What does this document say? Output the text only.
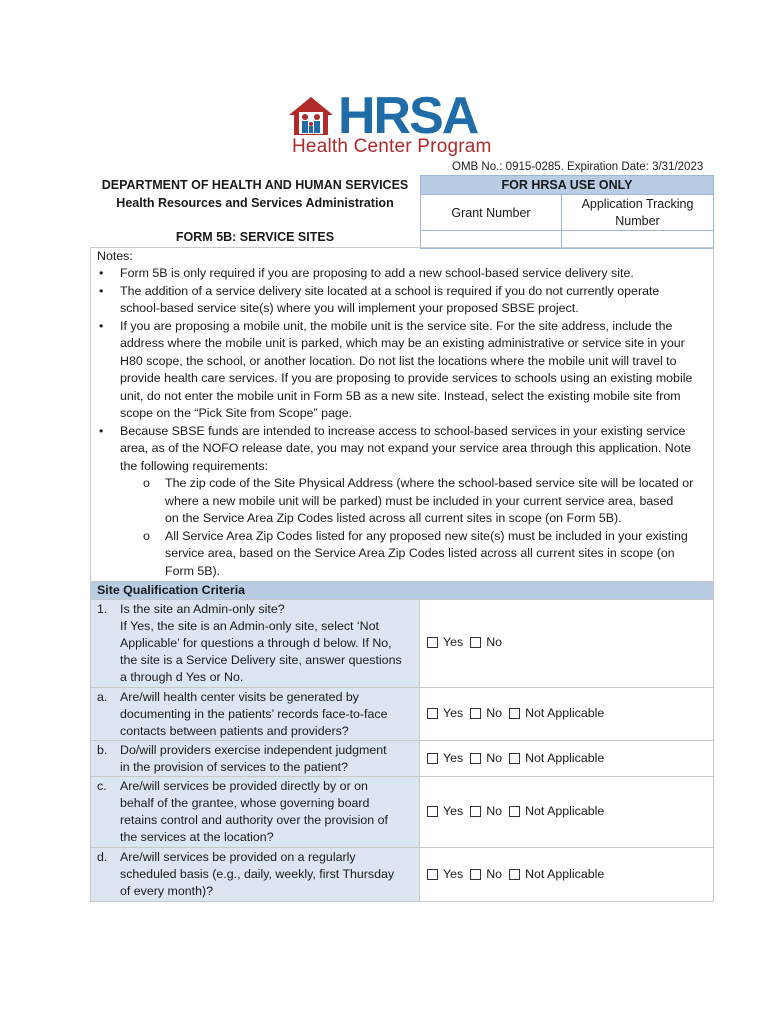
HRSA
Health Center Program
OMB No.: 0915-0285. Expiration Date: 3/31/2023
DEPARTMENT OF HEALTH AND HUMAN SERVICES
Health Resources and Services Administration
FORM 5B: SERVICE SITES
FOR HRSA USE ONLY
Grant Number
Application Tracking
Number
Notes:
• Form 5B is only required if you are proposing to add a new school-based service delivery site.
• The addition of a service delivery site located at a school is required if you do not currently operate
school-based service site(s) where you will implement your proposed SBSE project.
• If you are proposing a mobile unit, the mobile unit is the service site. For the site address, include the
address where the mobile unit is parked, which may be an existing administrative or service site in your
H80 scope, the school, or another location. Do not list the locations where the mobile unit will travel to
provide health care services. If you are proposing to provide services to schools using an existing mobile
unit, do not enter the mobile unit in Form 5B as a new site. Instead, select the existing mobile site from
scope on the “Pick Site from Scope” page.
• Because SBSE funds are intended to increase access to school-based services in your existing service
area, as of the NOFO release date, you may not expand your service area through this application. Note
the following requirements:
o The zip code of the Site Physical Address (where the school-based service site will be located or
where a new mobile unit will be parked) must be included in your current service area, based
on the Service Area Zip Codes listed across all current sites in scope (on Form 5B).
o All Service Area Zip Codes listed for any proposed new site(s) must be included in your existing
service area, based on the Service Area Zip Codes listed across all current sites in scope (on
Form 5B).
Site Qualification Criteria
1. Is the site an Admin-only site?
If Yes, the site is an Admin-only site, select ‘Not
Applicable’ for questions a through d below. If No,
the site is a Service Delivery site, answer questions
a through d Yes or No.
Yes No
a. Are/will health center visits be generated by
documenting in the patients’ records face-to-face
contacts between patients and providers?
Yes No Not Applicable
b. Do/will providers exercise independent judgment
in the provision of services to the patient?
Yes No Not Applicable
c. Are/will services be provided directly by or on
behalf of the grantee, whose governing board
retains control and authority over the provision of
the services at the location?
Yes No Not Applicable
d. Are/will services be provided on a regularly
scheduled basis (e.g., daily, weekly, first Thursday
of every month)?
Yes No Not Applicable
